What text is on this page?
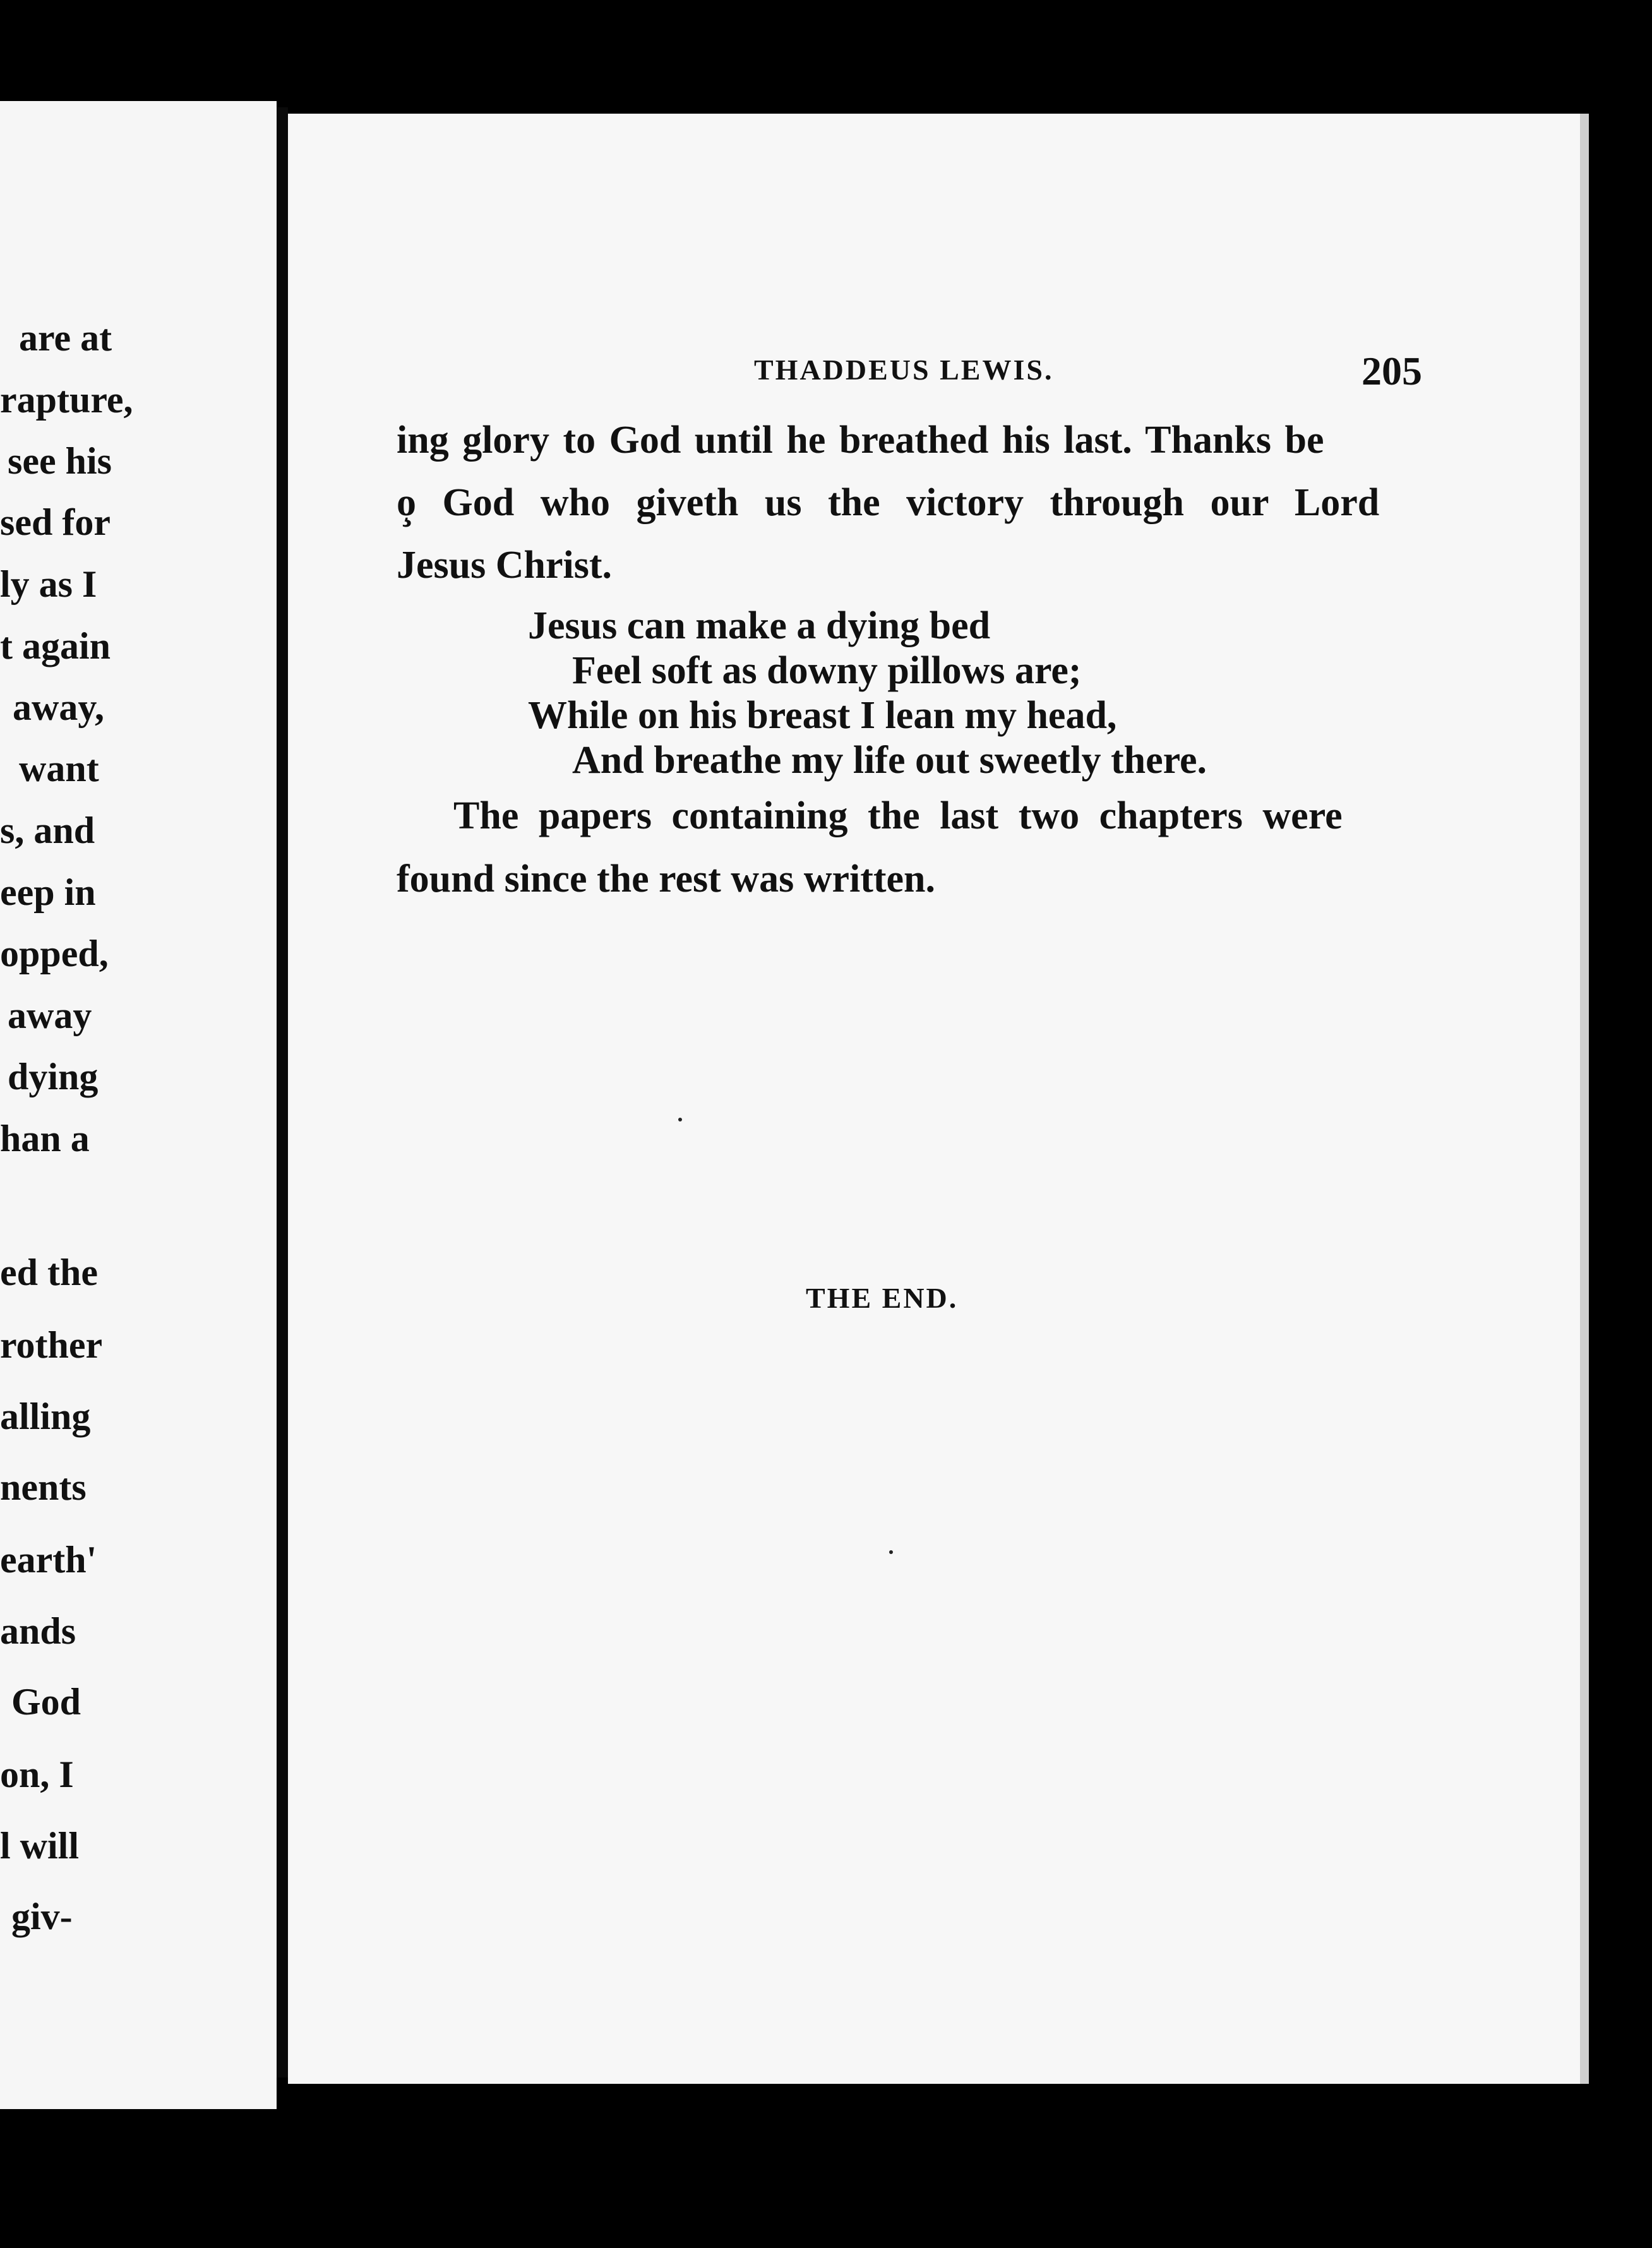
are at
rapture,
see his
sed for
ly as I
t again
away,
want
s, and
eep in
opped,
away
dying
han a
ed the
rother
alling
nents
earth'
ands
God
on, I
l will
giv-
THADDEUS LEWIS.	205
ing glory to God until he breathed his last. Thanks be
o̧ God who giveth us the victory through our Lord
Jesus Christ.
Jesus can make a dying bed
Feel soft as downy pillows are;
While on his breast I lean my head,
And breathe my life out sweetly there.
The papers containing the last two chapters were
found since the rest was written.
THE END.
